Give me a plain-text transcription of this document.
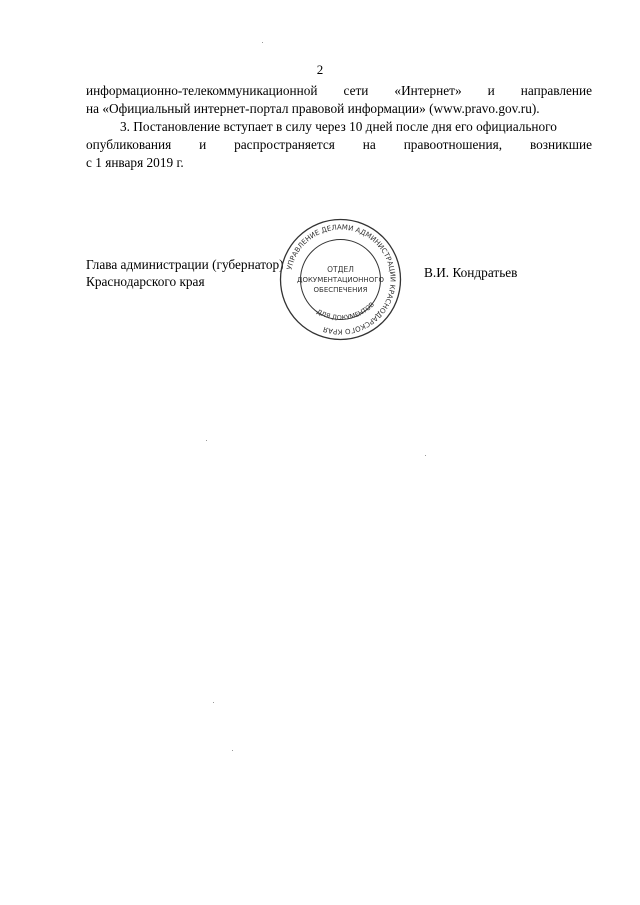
2
информационно-телекоммуникационной сети «Интернет» и направление
на «Официальный интернет-портал правовой информации» (www.pravo.gov.ru).
3. Постановление вступает в силу через 10 дней после дня его официального
опубликования и распространяется на правоотношения, возникшие
с 1 января 2019 г.
Глава администрации (губернатор)
Краснодарского края
В.И. Кондратьев
УПРАВЛЕНИЕ ДЕЛАМИ АДМИНИСТРАЦИИ КРАСНОДАРСКОГО КРАЯ
ДЛЯ ДОКУМЕНТОВ
ОТДЕЛ
ДОКУМЕНТАЦИОННОГО
ОБЕСПЕЧЕНИЯ
